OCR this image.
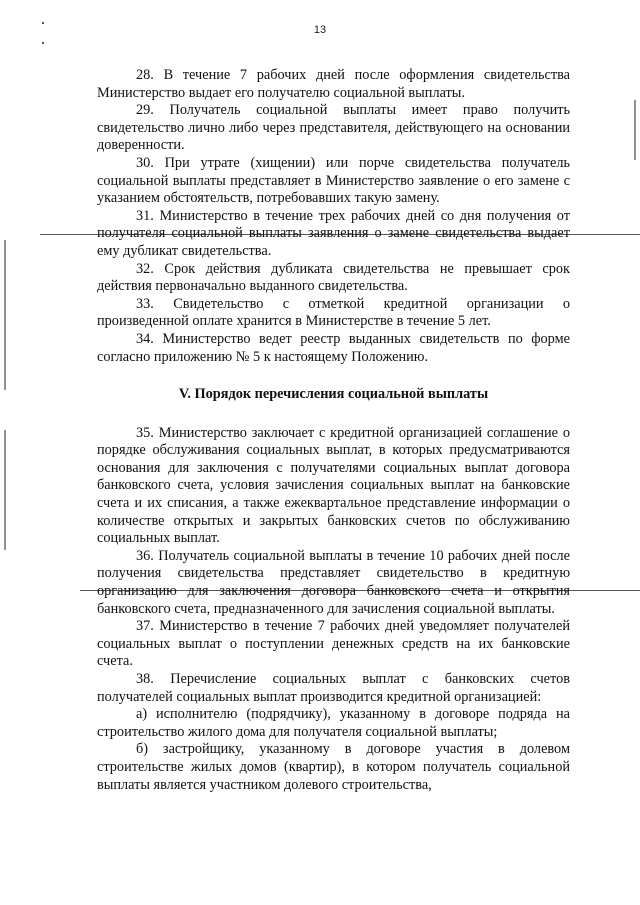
13

28. В течение 7 рабочих дней после оформления свидетельства Министерство выдает его получателю социальной выплаты.

29. Получатель социальной выплаты имеет право получить свидетельство лично либо через представителя, действующего на основании доверенности.

30. При утрате (хищении) или порче свидетельства получатель социальной выплаты представляет в Министерство заявление о его замене с указанием обстоятельств, потребовавших такую замену.

31. Министерство в течение трех рабочих дней со дня получения от получателя социальной выплаты заявления о замене свидетельства выдает ему дубликат свидетельства.

32. Срок действия дубликата свидетельства не превышает срок действия первоначально выданного свидетельства.

33. Свидетельство с отметкой кредитной организации о произведенной оплате хранится в Министерстве в течение 5 лет.

34. Министерство ведет реестр выданных свидетельств по форме согласно приложению № 5 к настоящему Положению.

V. Порядок перечисления социальной выплаты

35. Министерство заключает с кредитной организацией соглашение о порядке обслуживания социальных выплат, в которых предусматриваются основания для заключения с получателями социальных выплат договора банковского счета, условия зачисления социальных выплат на банковские счета и их списания, а также ежеквартальное представление информации о количестве открытых и закрытых банковских счетов по обслуживанию социальных выплат.

36. Получатель социальной выплаты в течение 10 рабочих дней после получения свидетельства представляет свидетельство в кредитную организацию для заключения договора банковского счета и открытия банковского счета, предназначенного для зачисления социальной выплаты.

37. Министерство в течение 7 рабочих дней уведомляет получателей социальных выплат о поступлении денежных средств на их банковские счета.

38. Перечисление социальных выплат с банковских счетов получателей социальных выплат производится кредитной организацией:

а) исполнителю (подрядчику), указанному в договоре подряда на строительство жилого дома для получателя социальной выплаты;

б) застройщику, указанному в договоре участия в долевом строительстве жилых домов (квартир), в котором получатель социальной выплаты является участником долевого строительства,
